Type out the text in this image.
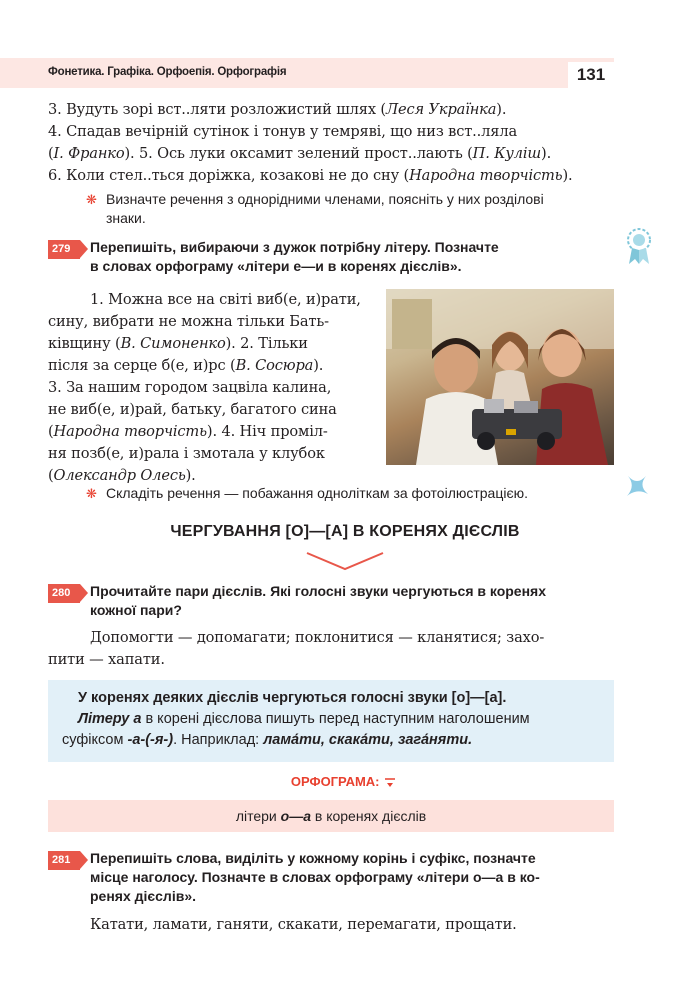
Фонетика. Графіка. Орфоепія. Орфографія	131
3. Вудуть зорі вст..ляти розложистий шлях (Леся Українка).
4. Спадав вечірній сутінок і тонув у темряві, що низ вст..ляла
(І. Франко). 5. Ось луки оксамит зелений прост..лають (П. Куліш).
6. Коли стел..ться доріжка, козакові не до сну (Народна творчість).
❋ Визначте речення з однорідними членами, поясніть у них розділові
знаки.
279	Перепишіть, вибираючи з дужок потрібну літеру. Позначте
в словах орфограму «літери е—и в коренях дієслів».
1. Можна все на світі виб(е, и)рати,
сину, вибрати не можна тільки Бать-
ківщину (В. Симоненко). 2. Тільки
після за серце б(е, и)рс (В. Сосюра).
3. За нашим городом зацвіла калина,
не виб(е, и)рай, батьку, багатого сина
(Народна творчість). 4. Ніч проміл-
ня позб(е, и)рала і змотала у клубок
(Олександр Олесь).
❋ Складіть речення — побажання одноліткам за фотоілюстрацією.
ЧЕРГУВАННЯ [О]—[А] В КОРЕНЯХ ДІЄСЛІВ
280	Прочитайте пари дієслів. Які голосні звуки чергуються в коренях
кожної пари?
Допомогти — допомагати; поклонитися — кланятися; захо-
пити — хапати.
У коренях деяких дієслів чергуються голосні звуки [о]—[а].
Літеру а в корені дієслова пишуть перед наступним наголошеним
суфіксом -а-(-я-). Наприклад: лама́ти, скака́ти, зага́няти.
ОРФОГРАМА:
літери о—а в коренях дієслів
281	Перепишіть слова, виділіть у кожному корінь і суфікс, позначте
місце наголосу. Позначте в словах орфограму «літери о—а в ко-
ренях дієслів».
Катати, ламати, ганяти, скакати, перемагати, прощати.
